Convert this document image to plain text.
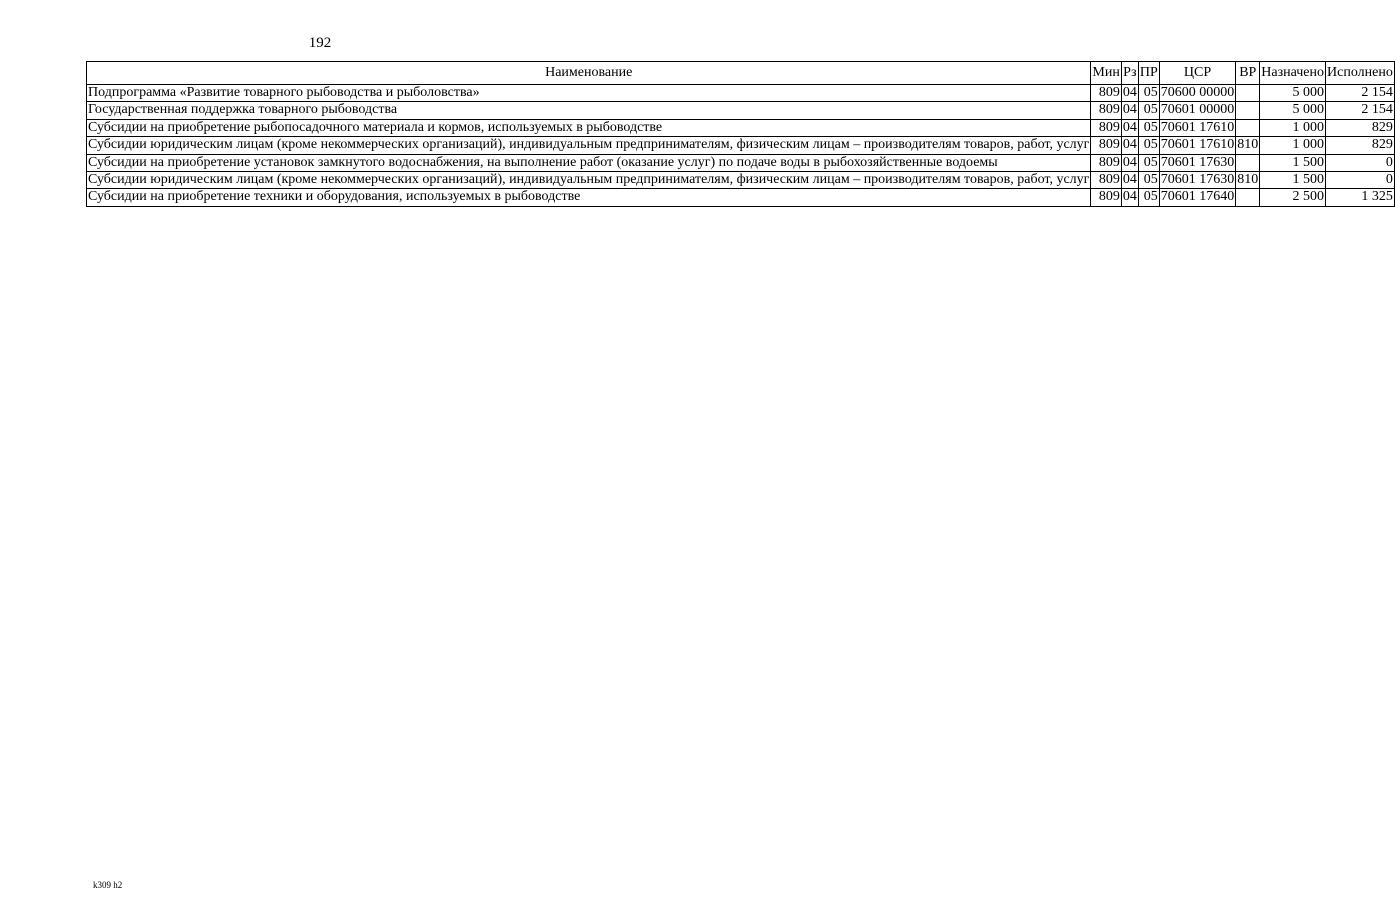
192
Наименование	Мин	Рз	ПР	ЦСР	ВР	Назначено	Исполнено
Подпрограмма «Развитие товарного рыбоводства и рыболовства»	809	04	05	70600 00000		5 000	2 154
Государственная поддержка товарного рыбоводства	809	04	05	70601 00000		5 000	2 154
Субсидии на приобретение рыбопосадочного материала и кормов, используемых в рыбоводстве	809	04	05	70601 17610		1 000	829
Субсидии юридическим лицам (кроме некоммерческих организаций), индивидуальным предпринимателям, физическим лицам – производителям товаров, работ, услуг	809	04	05	70601 17610	810	1 000	829
Субсидии на приобретение установок замкнутого водоснабжения, на выполнение работ (оказание услуг) по подаче воды в рыбохозяйственные водоемы	809	04	05	70601 17630		1 500	0
Субсидии юридическим лицам (кроме некоммерческих организаций), индивидуальным предпринимателям, физическим лицам – производителям товаров, работ, услуг	809	04	05	70601 17630	810	1 500	0
Субсидии на приобретение техники и оборудования, используемых в рыбоводстве	809	04	05	70601 17640		2 500	1 325
k309 h2
